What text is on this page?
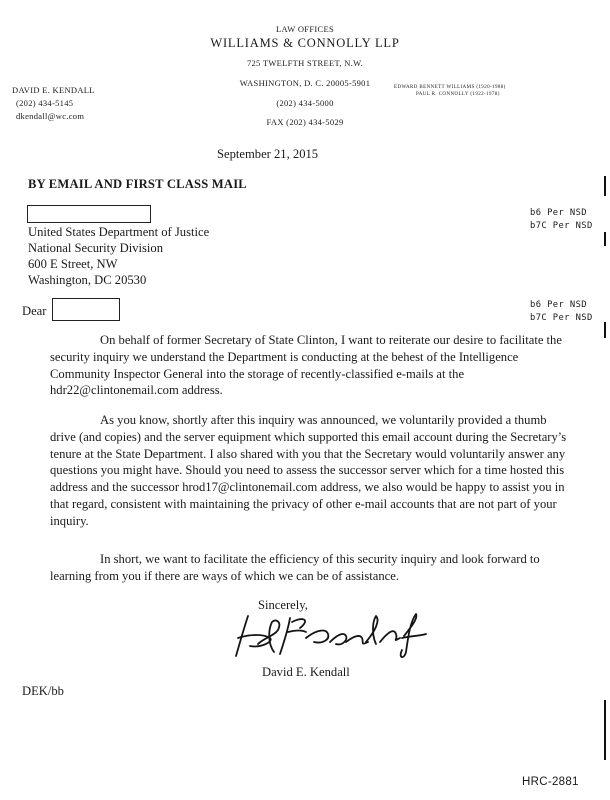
LAW OFFICES
WILLIAMS & CONNOLLY LLP
725 TWELFTH STREET, N.W.
WASHINGTON, D. C. 20005-5901
(202) 434-5000
FAX (202) 434-5029
DAVID E. KENDALL
(202) 434-5145
dkendall@wc.com
EDWARD BENNETT WILLIAMS (1920-1988)
PAUL R. CONNOLLY (1922-1978)
September 21, 2015
BY EMAIL AND FIRST CLASS MAIL
United States Department of Justice
National Security Division
600 E Street, NW
Washington, DC 20530
Dear
b6 Per NSD
b7C Per NSD
b6 Per NSD
b7C Per NSD
On behalf of former Secretary of State Clinton, I want to reiterate our desire to facilitate the security inquiry we understand the Department is conducting at the behest of the Intelligence Community Inspector General into the storage of recently-classified e-mails at the hdr22@clintonemail.com address.
As you know, shortly after this inquiry was announced, we voluntarily provided a thumb drive (and copies) and the server equipment which supported this email account during the Secretary’s tenure at the State Department. I also shared with you that the Secretary would voluntarily answer any questions you might have. Should you need to assess the successor server which for a time hosted this address and the successor hrod17@clintonemail.com address, we also would be happy to assist you in that regard, consistent with maintaining the privacy of other e-mail accounts that are not part of your inquiry.
In short, we want to facilitate the efficiency of this security inquiry and look forward to learning from you if there are ways of which we can be of assistance.
Sincerely,
David E. Kendall
DEK/bb
HRC-2881
